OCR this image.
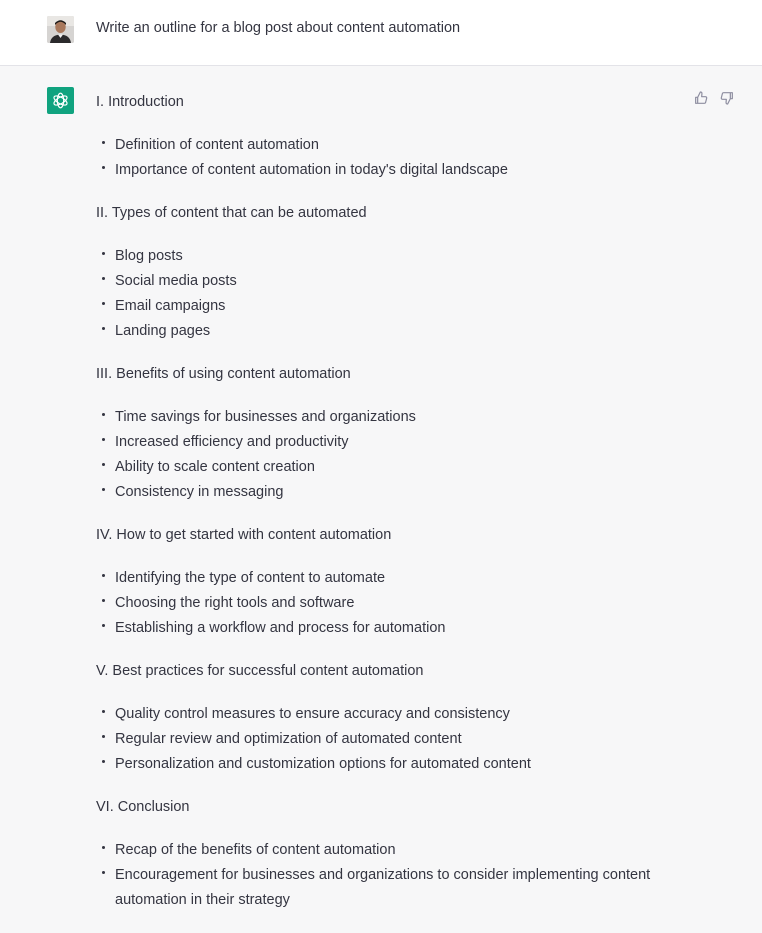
Write an outline for a blog post about content automation
I. Introduction
Definition of content automation
Importance of content automation in today's digital landscape
II. Types of content that can be automated
Blog posts
Social media posts
Email campaigns
Landing pages
III. Benefits of using content automation
Time savings for businesses and organizations
Increased efficiency and productivity
Ability to scale content creation
Consistency in messaging
IV. How to get started with content automation
Identifying the type of content to automate
Choosing the right tools and software
Establishing a workflow and process for automation
V. Best practices for successful content automation
Quality control measures to ensure accuracy and consistency
Regular review and optimization of automated content
Personalization and customization options for automated content
VI. Conclusion
Recap of the benefits of content automation
Encouragement for businesses and organizations to consider implementing content automation in their strategy
